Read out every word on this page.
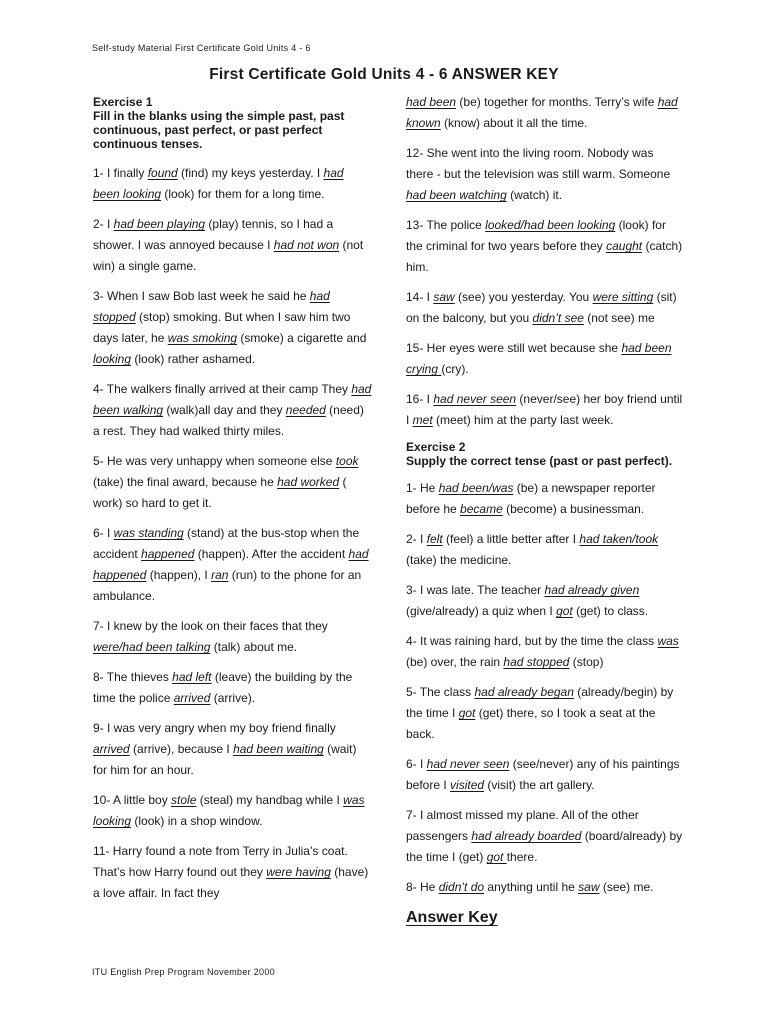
Self-study Material First Certificate Gold Units 4 - 6
First Certificate Gold Units 4 - 6 ANSWER KEY
Exercise 1
Fill in the blanks using the simple past, past continuous, past perfect, or past perfect continuous tenses.
1- I finally found (find) my keys yesterday. I had been looking (look) for them for a long time.
2- I had been playing (play) tennis, so I had a shower. I was annoyed because I had not won (not win) a single game.
3- When I saw Bob last week he said he had stopped (stop) smoking. But when I saw him two days later, he was smoking (smoke) a cigarette and looking (look) rather ashamed.
4- The walkers finally arrived at their camp They had been walking (walk)all day and they needed (need) a rest. They had walked thirty miles.
5- He was very unhappy when someone else took (take) the final award, because he had worked ( work) so hard to get it.
6- I was standing (stand) at the bus-stop when the accident happened (happen). After the accident had happened (happen), I ran (run) to the phone for an ambulance.
7- I knew by the look on their faces that they were/had been talking (talk) about me.
8- The thieves had left (leave) the building by the time the police arrived (arrive).
9- I was very angry when my boy friend finally arrived (arrive), because I had been waiting (wait) for him for an hour.
10- A little boy stole (steal) my handbag while I was looking (look) in a shop window.
11- Harry found a note from Terry in Julia’s coat. That’s how Harry found out they were having (have) a love affair. In fact they
had been (be) together for months. Terry’s wife had known (know) about it all the time.
12- She went into the living room. Nobody was there - but the television was still warm. Someone had been watching (watch) it.
13- The police looked/had been looking (look) for the criminal for two years before they caught (catch) him.
14- I saw (see) you yesterday. You were sitting (sit) on the balcony, but you didn’t see (not see) me
15- Her eyes were still wet because she had been crying (cry).
16- I had never seen (never/see) her boy friend until I met (meet) him at the party last week.
Exercise 2
Supply the correct tense (past or past perfect).
1- He had been/was (be) a newspaper reporter before he became (become) a businessman.
2- I felt (feel) a little better after I had taken/took (take) the medicine.
3- I was late. The teacher had already given (give/already) a quiz when I got (get) to class.
4- It was raining hard, but by the time the class was (be) over, the rain had stopped (stop)
5- The class had already began (already/begin) by the time I got (get) there, so I took a seat at the back.
6- I had never seen (see/never) any of his paintings before I visited (visit) the art gallery.
7- I almost missed my plane. All of the other passengers had already boarded (board/already) by the time I (get) got there.
8- He didn’t do anything until he saw (see) me.
Answer Key
ITU English Prep Program November 2000
